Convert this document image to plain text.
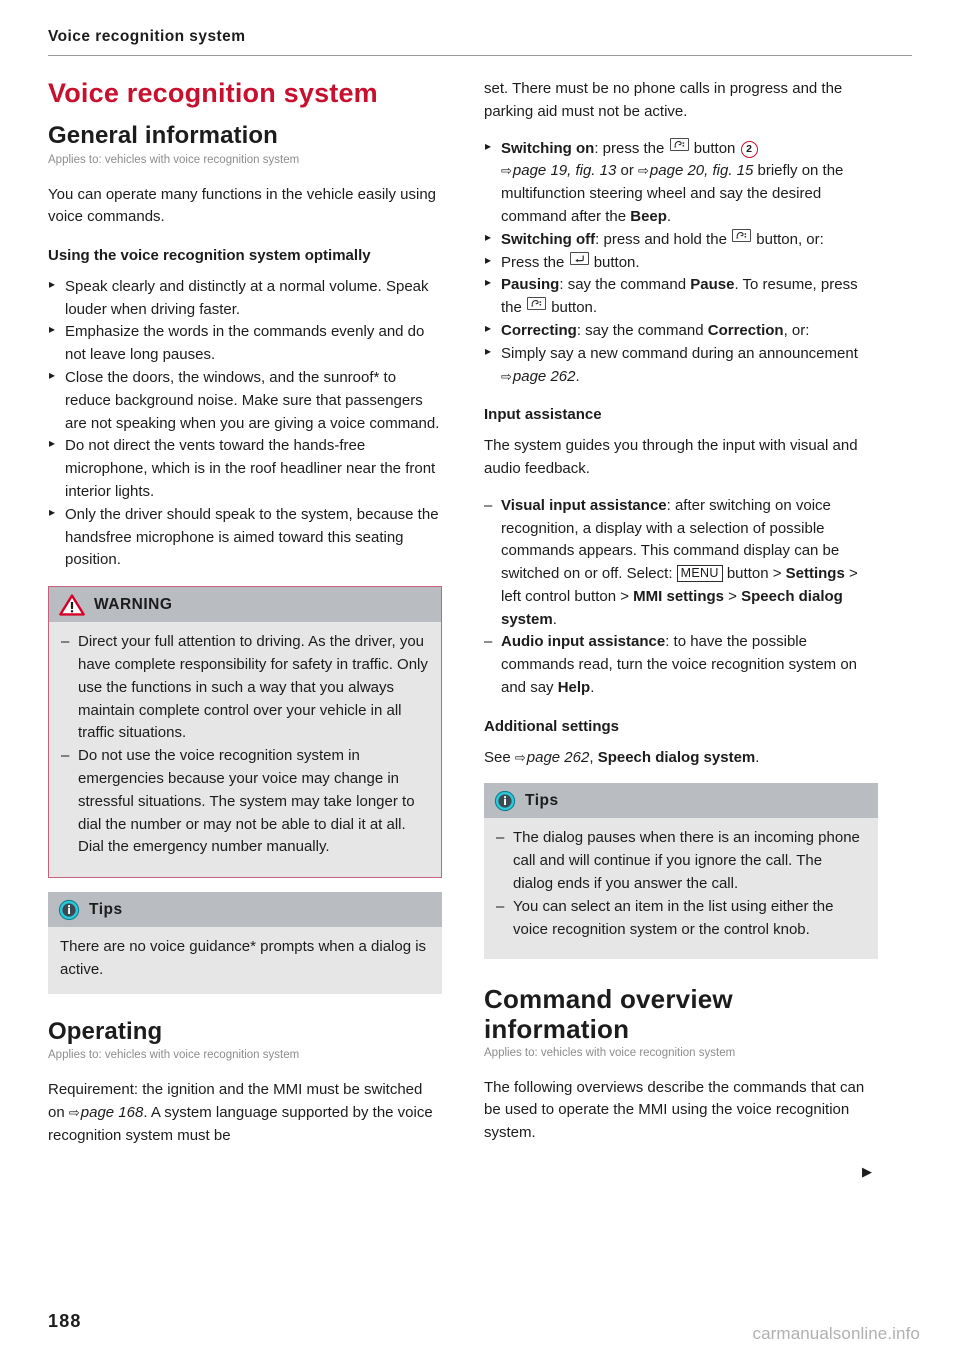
Voice recognition system
Voice recognition system
General information
Applies to: vehicles with voice recognition system

You can operate many functions in the vehicle easily using voice commands.

Using the voice recognition system optimally
▸ Speak clearly and distinctly at a normal volume. Speak louder when driving faster.
▸ Emphasize the words in the commands evenly and do not leave long pauses.
▸ Close the doors, the windows, and the sunroof* to reduce background noise. Make sure that passengers are not speaking when you are giving a voice command.
▸ Do not direct the vents toward the hands-free microphone, which is in the roof headliner near the front interior lights.
▸ Only the driver should speak to the system, because the handsfree microphone is aimed toward this seating position.
WARNING
– Direct your full attention to driving. As the driver, you have complete responsibility for safety in traffic. Only use the functions in such a way that you always maintain complete control over your vehicle in all traffic situations.
– Do not use the voice recognition system in emergencies because your voice may change in stressful situations. The system may take longer to dial the number or may not be able to dial it at all. Dial the emergency number manually.
Tips

There are no voice guidance* prompts when a dialog is active.

Operating
Applies to: vehicles with voice recognition system

Requirement: the ignition and the MMI must be switched on ⇨ page 168. A system language supported by the voice recognition system must be

set. There must be no phone calls in progress and the parking aid must not be active.

▸ Switching on: press the
button 2
⇨ page 19, fig. 13 or ⇨ page 20, fig. 15 briefly on the multifunction steering wheel and say the desired command after the Beep.
▸ Switching off: press and hold the
button, or:
▸ Press the
button.
▸ Pausing: say the command Pause. To resume, press the
button.
▸ Correcting: say the command Correction, or:
▸ Simply say a new command during an announcement ⇨ page 262.
Input assistance

The system guides you through the input with visual and audio feedback.

– Visual input assistance: after switching on voice recognition, a display with a selection of possible commands appears. This command display can be switched on or off. Select: MENU button > Settings > left control button > MMI settings > Speech dialog system.
– Audio input assistance: to have the possible commands read, turn the voice recognition system on and say Help.
Additional settings

See ⇨ page 262, Speech dialog system.

Tips
– The dialog pauses when there is an incoming phone call and will continue if you ignore the call. The dialog ends if you answer the call.
– You can select an item in the list using either the voice recognition system or the control knob.
Command overview
information
Applies to: vehicles with voice recognition system

The following overviews describe the commands that can be used to operate the MMI using the voice recognition system.

▶
188
carmanualsonline.info
